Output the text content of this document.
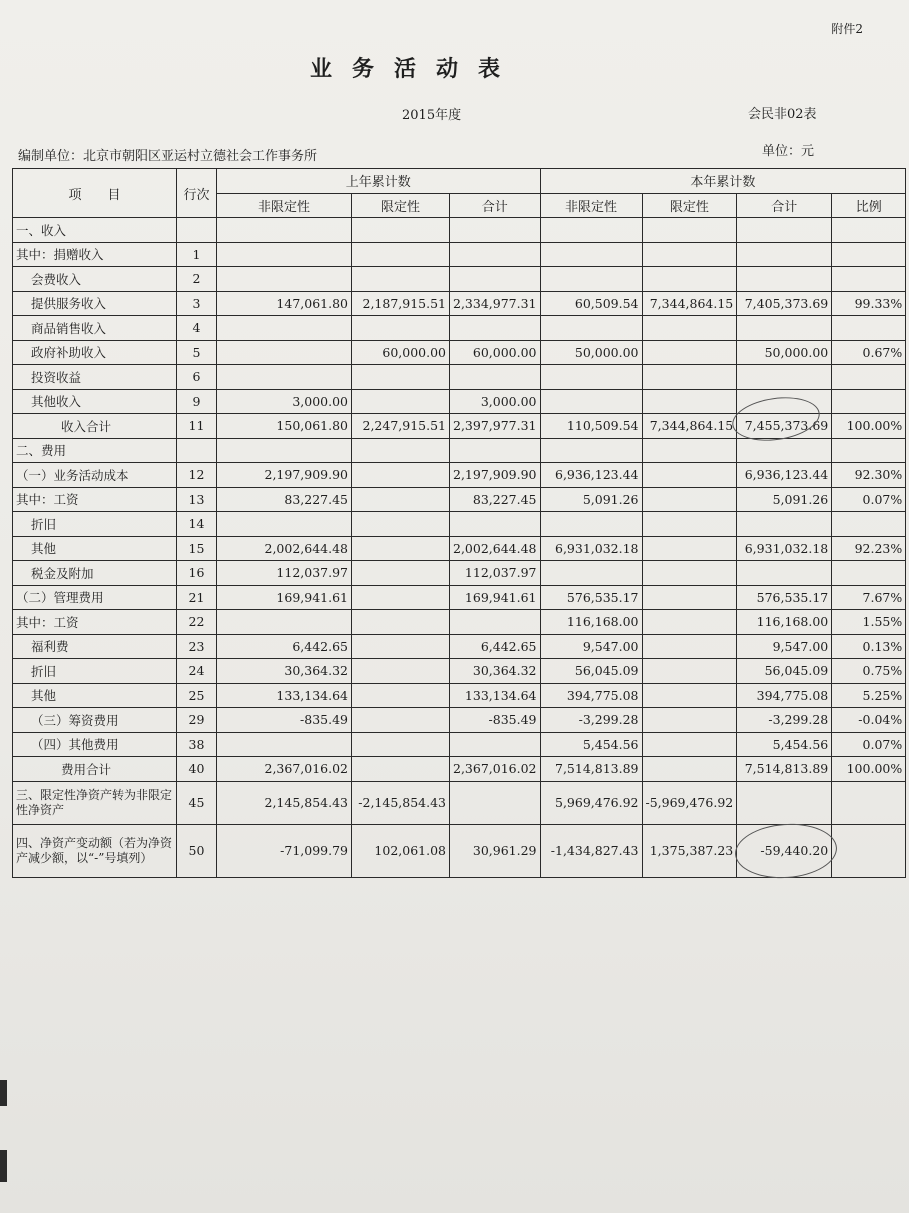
附件2
业务活动表
2015年度	会民非02表
编制单位：北京市朝阳区亚运村立德社会工作事务所	单位：元
项　　目	行次	上年累计数			本年累计数			
		非限定性	限定性	合计	非限定性	限定性	合计	比例
一、收入								
其中：捐赠收入	1							
会费收入	2							
提供服务收入	3	147,061.80	2,187,915.51	2,334,977.31	60,509.54	7,344,864.15	7,405,373.69	99.33%
商品销售收入	4							
政府补助收入	5		60,000.00	60,000.00	50,000.00		50,000.00	0.67%
投资收益	6							
其他收入	9	3,000.00		3,000.00				
收入合计	11	150,061.80	2,247,915.51	2,397,977.31	110,509.54	7,344,864.15	7,455,373.69	100.00%
二、费用								
（一）业务活动成本	12	2,197,909.90		2,197,909.90	6,936,123.44		6,936,123.44	92.30%
其中：工资	13	83,227.45		83,227.45	5,091.26		5,091.26	0.07%
折旧	14							
其他	15	2,002,644.48		2,002,644.48	6,931,032.18		6,931,032.18	92.23%
税金及附加	16	112,037.97		112,037.97				
（二）管理费用	21	169,941.61		169,941.61	576,535.17		576,535.17	7.67%
其中：工资	22				116,168.00		116,168.00	1.55%
福利费	23	6,442.65		6,442.65	9,547.00		9,547.00	0.13%
折旧	24	30,364.32		30,364.32	56,045.09		56,045.09	0.75%
其他	25	133,134.64		133,134.64	394,775.08		394,775.08	5.25%
（三）筹资费用	29	-835.49		-835.49	-3,299.28		-3,299.28	-0.04%
（四）其他费用	38				5,454.56		5,454.56	0.07%
费用合计	40	2,367,016.02		2,367,016.02	7,514,813.89		7,514,813.89	100.00%
三、限定性净资产转为非限定性净资产	45	2,145,854.43	-2,145,854.43		5,969,476.92	-5,969,476.92		
四、净资产变动额（若为净资产减少额，以“-”号填列）	50	-71,099.79	102,061.08	30,961.29	-1,434,827.43	1,375,387.23	-59,440.20	
